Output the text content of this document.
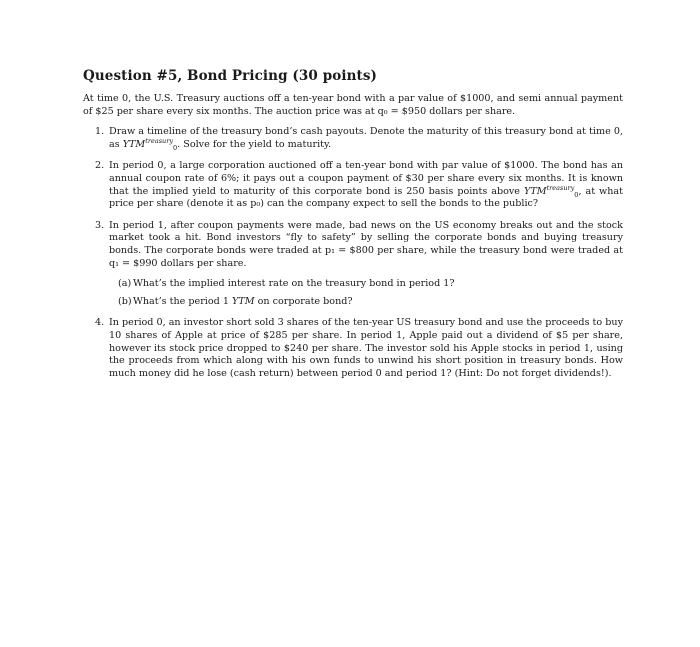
Question #5, Bond Pricing (30 points)

At time 0, the U.S. Treasury auctions off a ten-year bond with a par value of $1000, and semi annual payment of $25 per share every six months. The auction price was at q₀ = $950 dollars per share.

1. Draw a timeline of the treasury bond’s cash payouts. Denote the maturity of this treasury bond at time 0, as $YTM^{treasury}_0$. Solve for the yield to maturity.
2. In period 0, a large corporation auctioned off a ten-year bond with par value of $1000. The bond has an annual coupon rate of 6%; it pays out a coupon payment of $30 per share every six months. It is known that the implied yield to maturity of this corporate bond is 250 basis points above $YTM^{treasury}_0$, at what price per share (denote it as p₀) can the company expect to sell the bonds to the public?
3. In period 1, after coupon payments were made, bad news on the US economy breaks out and the stock market took a hit. Bond investors “fly to safety” by selling the corporate bonds and buying treasury bonds. The corporate bonds were traded at p₁ = $800 per share, while the treasury bond were traded at q₁ = $990 dollars per share.
(a) What’s the implied interest rate on the treasury bond in period 1?
(b) What’s the period 1 YTM on corporate bond?
4. In period 0, an investor short sold 3 shares of the ten-year US treasury bond and use the proceeds to buy 10 shares of Apple at price of $285 per share. In period 1, Apple paid out a dividend of $5 per share, however its stock price dropped to $240 per share. The investor sold his Apple stocks in period 1, using the proceeds from which along with his own funds to unwind his short position in treasury bonds. How much money did he lose (cash return) between period 0 and period 1? (Hint: Do not forget dividends!).
